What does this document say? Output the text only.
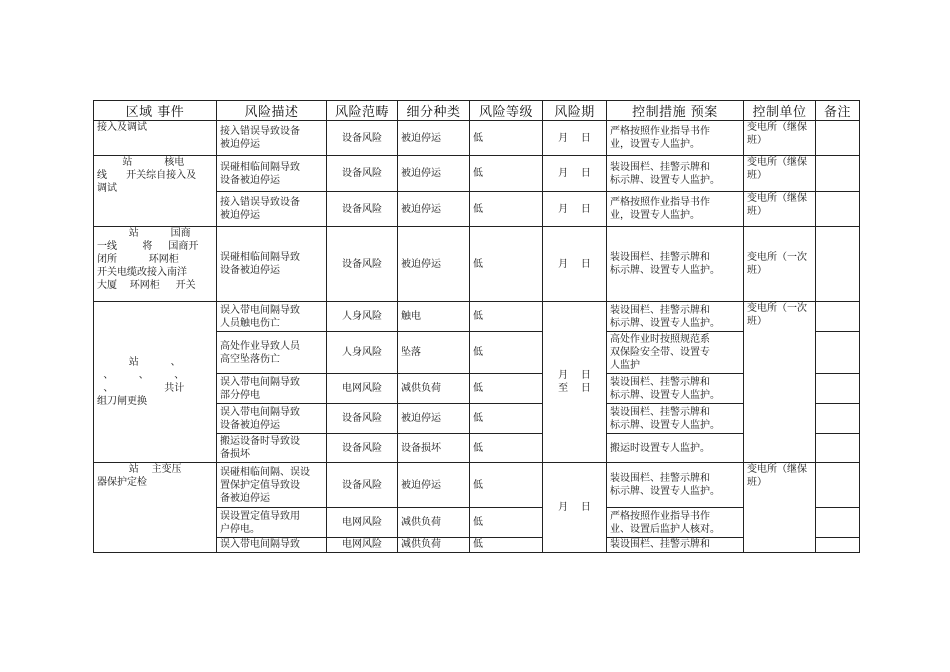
区域 事件	风险描述	风险范畴	细分种类	风险等级	风险期	控制措施 预案	控制单位	备注

接入及调试	接入错误导致设备
被迫停运	设备风险	被迫停运	低	月    日	严格按照作业指导书作
业，设置专人监护。	变电所（继保
班）	

站          核电
线      开关综自接入及
调试	误碰相临间隔导致
设备被迫停运	设备风险	被迫停运	低	月    日	装设围栏、挂警示牌和
标示牌、设置专人监护。	变电所（继保
班）	

	接入错误导致设备
被迫停运	设备风险	被迫停运	低	月    日	严格按照作业指导书作
业，设置专人监护。	变电所（继保
班）	

站          国商
一线        将     国商开
闭所          环网柜
开关电缆改接入南洋
大厦    环网柜     开关	误碰相临间隔导致
设备被迫停运	设备风险	被迫停运	低	月    日	装设围栏、挂警示牌和
标示牌、设置专人监护。	变电所（一次
班）	

站          、
、        、        、
、                共计
组刀闸更换	误入带电间隔导致
人员触电伤亡	人身风险	触电	低	月    日
至    日	装设围栏、挂警示牌和
标示牌、设置专人监护。	变电所（一次
班）	

	高处作业导致人员
高空坠落伤亡	人身风险	坠落	低		高处作业时按照规范系
双保险安全带、设置专
人监护		

	误入带电间隔导致
部分停电	电网风险	减供负荷	低		装设围栏、挂警示牌和
标示牌、设置专人监护。		

	误入带电间隔导致
设备被迫停运	设备风险	被迫停运	低		装设围栏、挂警示牌和
标示牌、设置专人监护。		

	搬运设备时导致设
备损坏	设备风险	设备损坏	低		搬运时设置专人监护。		

站    主变压
器保护定检	误碰相临间隔、误设
置保护定值导致设
备被迫停运	设备风险	被迫停运	低	月    日	装设围栏、挂警示牌和
标示牌、设置专人监护。	变电所（继保
班）	

	误设置定值导致用
户停电。	电网风险	减供负荷	低		严格按照作业指导书作
业、设置后监护人核对。		

	误入带电间隔导致	电网风险	减供负荷	低		装设围栏、挂警示牌和		
